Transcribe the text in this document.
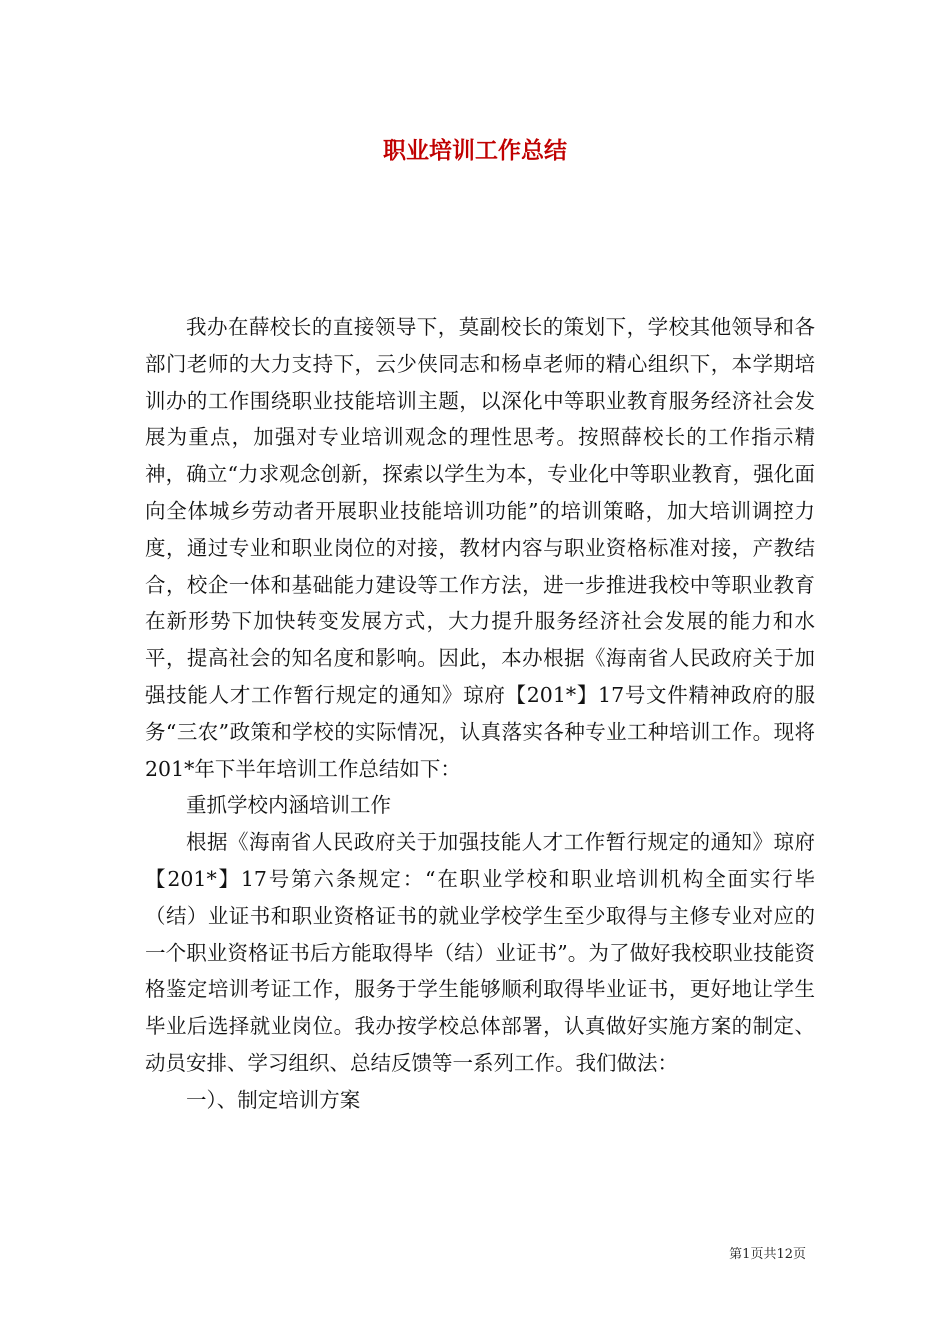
职业培训工作总结

我办在薛校长的直接领导下，莫副校长的策划下，学校其他领导和各部门老师的大力支持下，云少侠同志和杨卓老师的精心组织下，本学期培训办的工作围绕职业技能培训主题，以深化中等职业教育服务经济社会发展为重点，加强对专业培训观念的理性思考。按照薛校长的工作指示精神，确立“力求观念创新，探索以学生为本，专业化中等职业教育，强化面向全体城乡劳动者开展职业技能培训功能”的培训策略，加大培训调控力度，通过专业和职业岗位的对接，教材内容与职业资格标准对接，产教结合，校企一体和基础能力建设等工作方法，进一步推进我校中等职业教育在新形势下加快转变发展方式，大力提升服务经济社会发展的能力和水平，提高社会的知名度和影响。因此，本办根据《海南省人民政府关于加强技能人才工作暂行规定的通知》琼府【201*】17号文件精神政府的服务“三农”政策和学校的实际情况，认真落实各种专业工种培训工作。现将201*年下半年培训工作总结如下：

重抓学校内涵培训工作

根据《海南省人民政府关于加强技能人才工作暂行规定的通知》琼府【201*】17号第六条规定：“在职业学校和职业培训机构全面实行毕（结）业证书和职业资格证书的就业学校学生至少取得与主修专业对应的一个职业资格证书后方能取得毕（结）业证书”。为了做好我校职业技能资格鉴定培训考证工作，服务于学生能够顺利取得毕业证书，更好地让学生毕业后选择就业岗位。我办按学校总体部署，认真做好实施方案的制定、动员安排、学习组织、总结反馈等一系列工作。我们做法：

一）、制定培训方案

第1页共12页
